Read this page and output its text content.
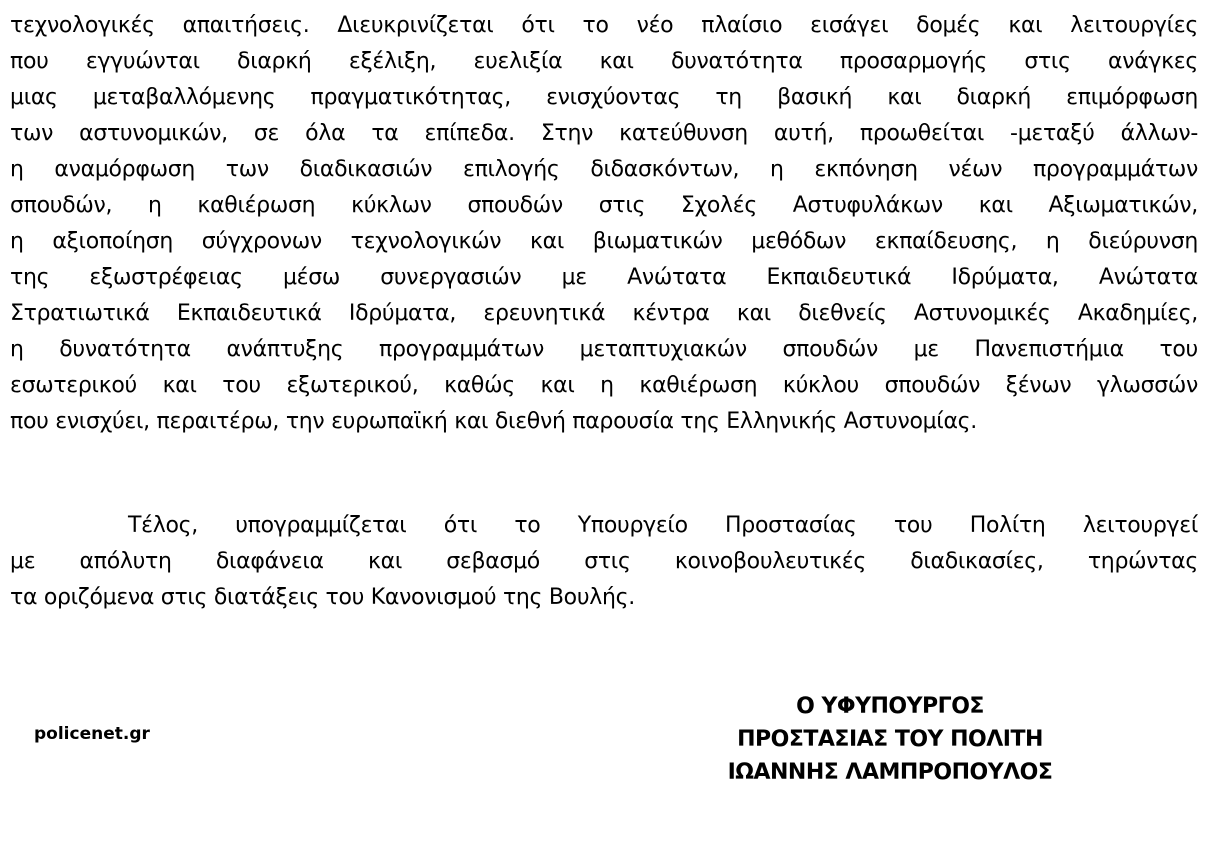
τεχνολογικές απαιτήσεις. Διευκρινίζεται ότι το νέο πλαίσιο εισάγει δομές και λειτουργίες
που εγγυώνται διαρκή εξέλιξη, ευελιξία και δυνατότητα προσαρμογής στις ανάγκες
μιας μεταβαλλόμενης πραγματικότητας, ενισχύοντας τη βασική και διαρκή επιμόρφωση
των αστυνομικών, σε όλα τα επίπεδα. Στην κατεύθυνση αυτή, προωθείται -μεταξύ άλλων-
η αναμόρφωση των διαδικασιών επιλογής διδασκόντων, η εκπόνηση νέων προγραμμάτων
σπουδών, η καθιέρωση κύκλων σπουδών στις Σχολές Αστυφυλάκων και Αξιωματικών,
η αξιοποίηση σύγχρονων τεχνολογικών και βιωματικών μεθόδων εκπαίδευσης, η διεύρυνση
της εξωστρέφειας μέσω συνεργασιών με Ανώτατα Εκπαιδευτικά Ιδρύματα, Ανώτατα
Στρατιωτικά Εκπαιδευτικά Ιδρύματα, ερευνητικά κέντρα και διεθνείς Αστυνομικές Ακαδημίες,
η δυνατότητα ανάπτυξης προγραμμάτων μεταπτυχιακών σπουδών με Πανεπιστήμια του
εσωτερικού και του εξωτερικού, καθώς και η καθιέρωση κύκλου σπουδών ξένων γλωσσών
που ενισχύει, περαιτέρω, την ευρωπαϊκή και διεθνή παρουσία της Ελληνικής Αστυνομίας.
Τέλος, υπογραμμίζεται ότι το Υπουργείο Προστασίας του Πολίτη λειτουργεί
με απόλυτη διαφάνεια και σεβασμό στις κοινοβουλευτικές διαδικασίες, τηρώντας
τα οριζόμενα στις διατάξεις του Κανονισμού της Βουλής.
policenet.gr
Ο ΥΦΥΠΟΥΡΓΟΣ
ΠΡΟΣΤΑΣΙΑΣ ΤΟΥ ΠΟΛΙΤΗ
ΙΩΑΝΝΗΣ ΛΑΜΠΡΟΠΟΥΛΟΣ
